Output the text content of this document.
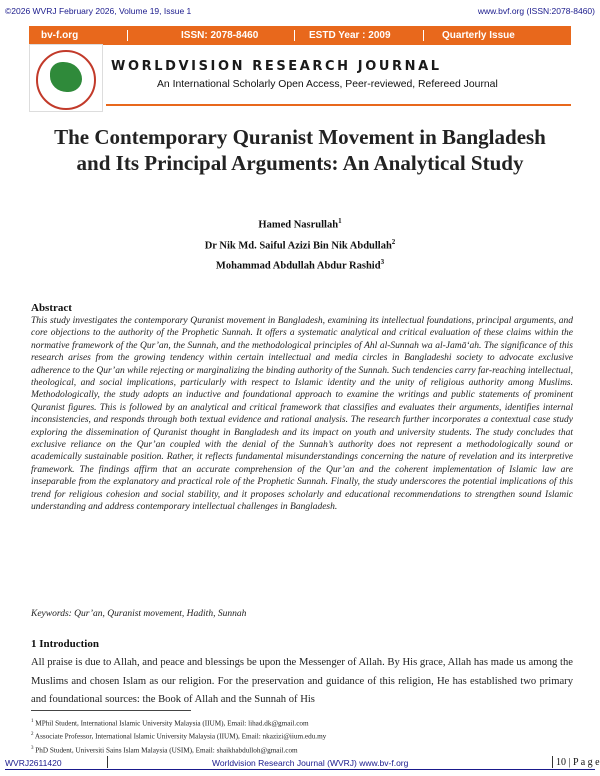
©2026 WVRJ February 2026, Volume 19, Issue 1	www.bvf.org (ISSN:2078-8460)
bv-f.org	ISSN: 2078-8460	ESTD Year : 2009	Quarterly Issue
WORLDVISION RESEARCH JOURNAL
An International Scholarly Open Access, Peer-reviewed, Refereed Journal
The Contemporary Quranist Movement in Bangladesh and Its Principal Arguments: An Analytical Study
Hamed Nasrullah$^1$
Dr Nik Md. Saiful Azizi Bin Nik Abdullah$^2$
Mohammad Abdullah Abdur Rashid$^3$
Abstract
This study investigates the contemporary Quranist movement in Bangladesh, examining its intellectual foundations, principal arguments, and core objections to the authority of the Prophetic Sunnah. It offers a systematic analytical and critical evaluation of these claims within the normative framework of the Qur’an, the Sunnah, and the methodological principles of Ahl al-Sunnah wa al-Jamā‘ah. The significance of this research arises from the growing tendency within certain intellectual and media circles in Bangladeshi society to advocate exclusive adherence to the Qur’an while rejecting or marginalizing the binding authority of the Sunnah. Such tendencies carry far-reaching intellectual, theological, and social implications, particularly with respect to Islamic identity and the unity of religious authority among Muslims. Methodologically, the study adopts an inductive and foundational approach to examine the writings and public statements of prominent Quranist figures. This is followed by an analytical and critical framework that classifies and evaluates their arguments, identifies internal inconsistencies, and responds through both textual evidence and rational analysis. The research further incorporates a contextual case study exploring the dissemination of Quranist thought in Bangladesh and its impact on youth and university students. The study concludes that exclusive reliance on the Qur’an coupled with the denial of the Sunnah’s authority does not represent a methodologically sound or academically sustainable position. Rather, it reflects fundamental misunderstandings concerning the nature of revelation and its interpretive framework. The findings affirm that an accurate comprehension of the Qur’an and the coherent implementation of Islamic law are inseparable from the explanatory and practical role of the Prophetic Sunnah. Finally, the study underscores the potential implications of this trend for religious cohesion and social stability, and it proposes scholarly and educational recommendations to strengthen sound Islamic understanding and address contemporary intellectual challenges in Bangladesh.
Keywords: Qur’an, Quranist movement, Hadith, Sunnah
1 Introduction
All praise is due to Allah, and peace and blessings be upon the Messenger of Allah. By His grace, Allah has made us among the Muslims and chosen Islam as our religion. For the preservation and guidance of this religion, He has established two primary and foundational sources: the Book of Allah and the Sunnah of His
$^1$ MPhil Student, International Islamic University Malaysia (IIUM), Email: lihad.dk@gmail.com
$^2$ Associate Professor, International Islamic University Malaysia (IIUM), Email: nkazizi@iium.edu.my
$^3$ PhD Student, Universiti Sains Islam Malaysia (USIM), Email: shaikhabdulloh@gmail.com
WVRJ2611420	Worldvision Research Journal (WVRJ) www.bv-f.org	10 | P a g e
